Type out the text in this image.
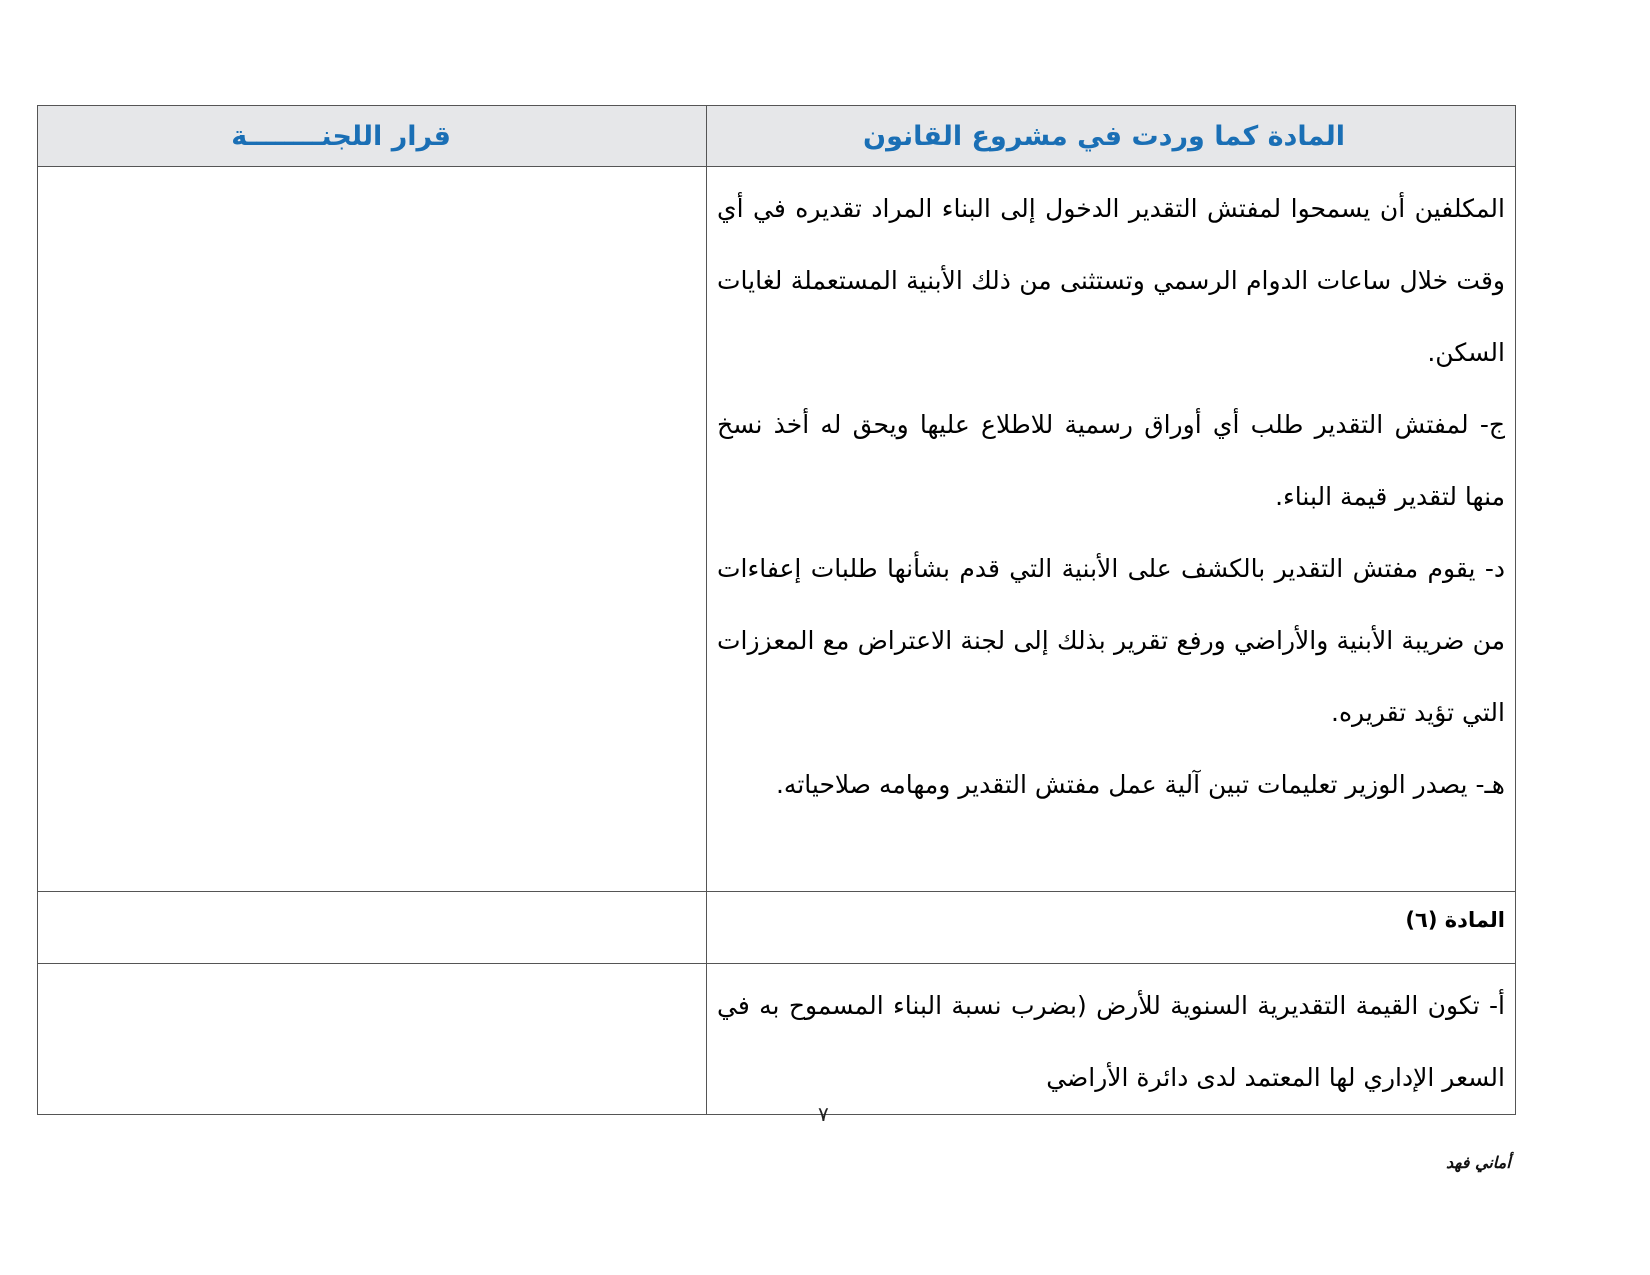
المادة كما وردت في مشروع القانون	قرار اللجنــــــــة

المكلفين أن يسمحوا لمفتش التقدير الدخول إلى البناء المراد تقديره في أي وقت خلال ساعات الدوام الرسمي وتستثنى من ذلك الأبنية المستعملة لغايات السكن.
ج- لمفتش التقدير طلب أي أوراق رسمية للاطلاع عليها ويحق له أخذ نسخ منها لتقدير قيمة البناء.
د- يقوم مفتش التقدير بالكشف على الأبنية التي قدم بشأنها طلبات إعفاءات من ضريبة الأبنية والأراضي ورفع تقرير بذلك إلى لجنة الاعتراض مع المعززات التي تؤيد تقريره.
هـ- يصدر الوزير تعليمات تبين آلية عمل مفتش التقدير ومهامه صلاحياته.	

المادة (٦)	

أ- تكون القيمة التقديرية السنوية للأرض (بضرب نسبة البناء المسموح به في السعر الإداري لها المعتمد لدى دائرة الأراضي	

٧
أماني فهد
